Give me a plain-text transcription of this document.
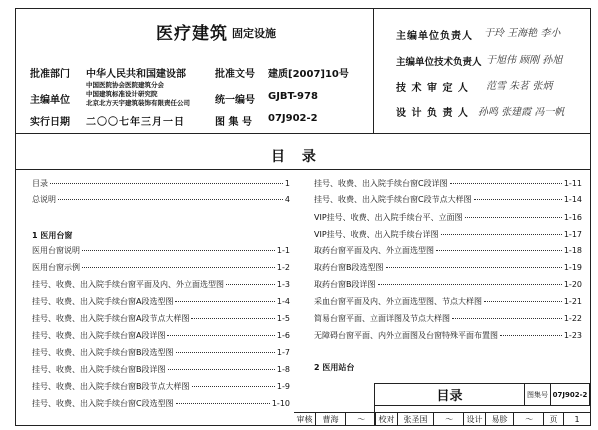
医疗建筑 固定设施
批准部门 中华人民共和国建设部	批准文号 建质[2007]10号
主编单位
中国医院协会医院建筑分会
中国建筑标准设计研究院
北京北方天宇建筑装饰有限责任公司	统一编号 GJBT-978
实行日期 二〇〇七年三月一日	图 集 号 07J902-2
主编单位负责人 于玲 王海艳 李小
主编单位技术负责人 于旭伟 顾刚 孙旭
技 术 审 定 人 范雪 朱茗 张炳
设 计 负 责 人 孙鸣 张建霞 冯一帆
目 录
目录	1
总说明	4
1 医用台窗
医用台窗说明	1-1
医用台窗示例	1-2
挂号、收费、出入院手续台窗平面及内、外立面选型图	1-3
挂号、收费、出入院手续台窗A段选型图	1-4
挂号、收费、出入院手续台窗A段节点大样图	1-5
挂号、收费、出入院手续台窗A段详图	1-6
挂号、收费、出入院手续台窗B段选型图	1-7
挂号、收费、出入院手续台窗B段详图	1-8
挂号、收费、出入院手续台窗B段节点大样图	1-9
挂号、收费、出入院手续台窗C段选型图	1-10
挂号、收费、出入院手续台窗C段详图	1-11
挂号、收费、出入院手续台窗C段节点大样图	1-14
VIP挂号、收费、出入院手续台平、立面图	1-16
VIP挂号、收费、出入院手续台详图	1-17
取药台窗平面及内、外立面选型图	1-18
取药台窗B段选型图	1-19
取药台窗B段详图	1-20
采血台窗平面及内、外立面选型图、节点大样图	1-21
简易台窗平面、立面详图及节点大样图	1-22
无障碍台窗平面、内外立面图及台窗特殊平面布置图	1-23
2 医用站台
目录	图集号 07J902-2
审核	曹海	〜	校对	张圣国	〜	设计	易胗	〜	页	1
